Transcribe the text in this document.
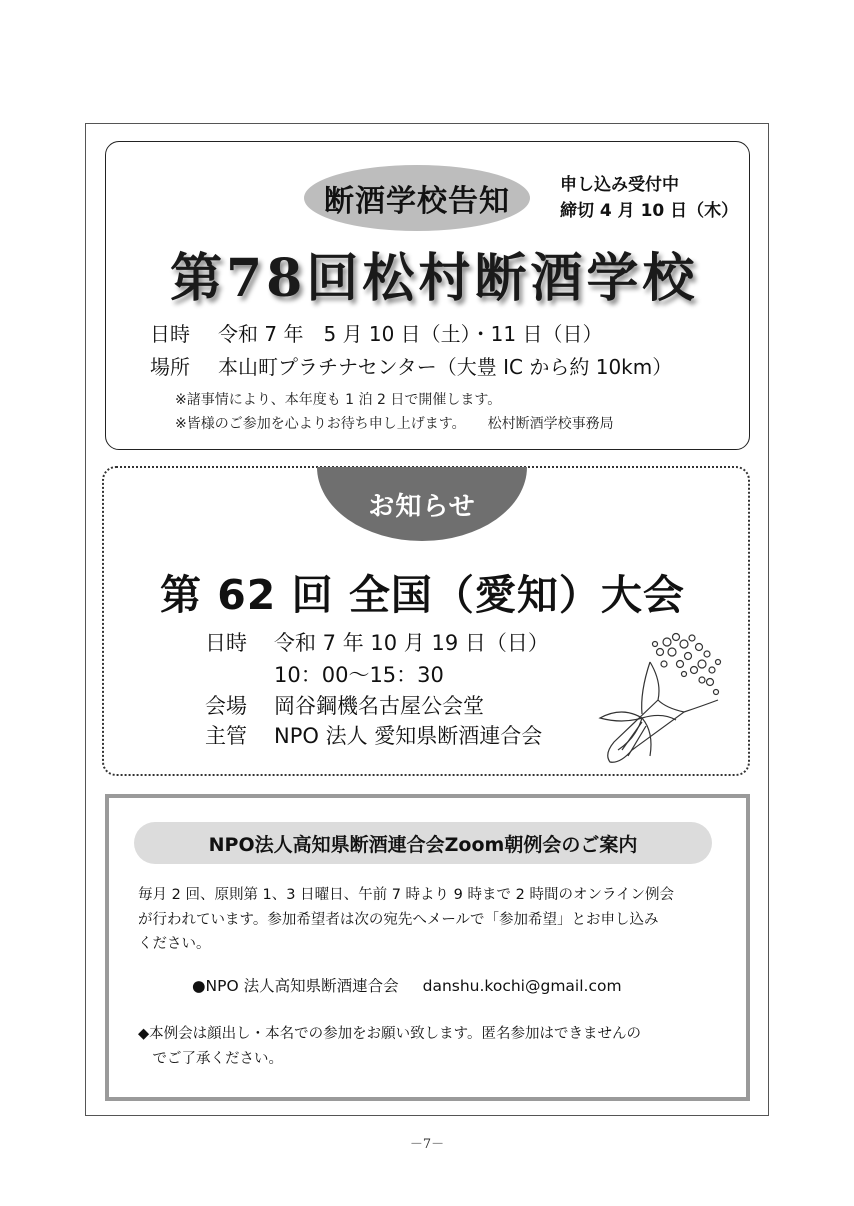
断酒学校告知	申し込み受付中
締切 4 月 10 日（木）
第78回松村断酒学校
日時 令和 7 年　5 月 10 日（土）・11 日（日）
場所 本山町プラチナセンター（大豊 IC から約 10km）
※諸事情により、本年度も 1 泊 2 日で開催します。
※皆様のご参加を心よりお待ち申し上げます。 松村断酒学校事務局
お知らせ
第 62 回 全国（愛知）大会
日時 令和 7 年 10 月 19 日（日）
10：00〜15：30
会場 岡谷鋼機名古屋公会堂
主管 NPO 法人 愛知県断酒連合会
NPO法人高知県断酒連合会Zoom朝例会のご案内
毎月 2 回、原則第 1、3 日曜日、午前 7 時より 9 時まで 2 時間のオンライン例会
が行われています。参加希望者は次の宛先へメールで「参加希望」とお申し込み
ください。
●NPO 法人高知県断酒連合会 danshu.kochi@gmail.com
◆本例会は顔出し・本名での参加をお願い致します。匿名参加はできませんの
　でご了承ください。
－7－
